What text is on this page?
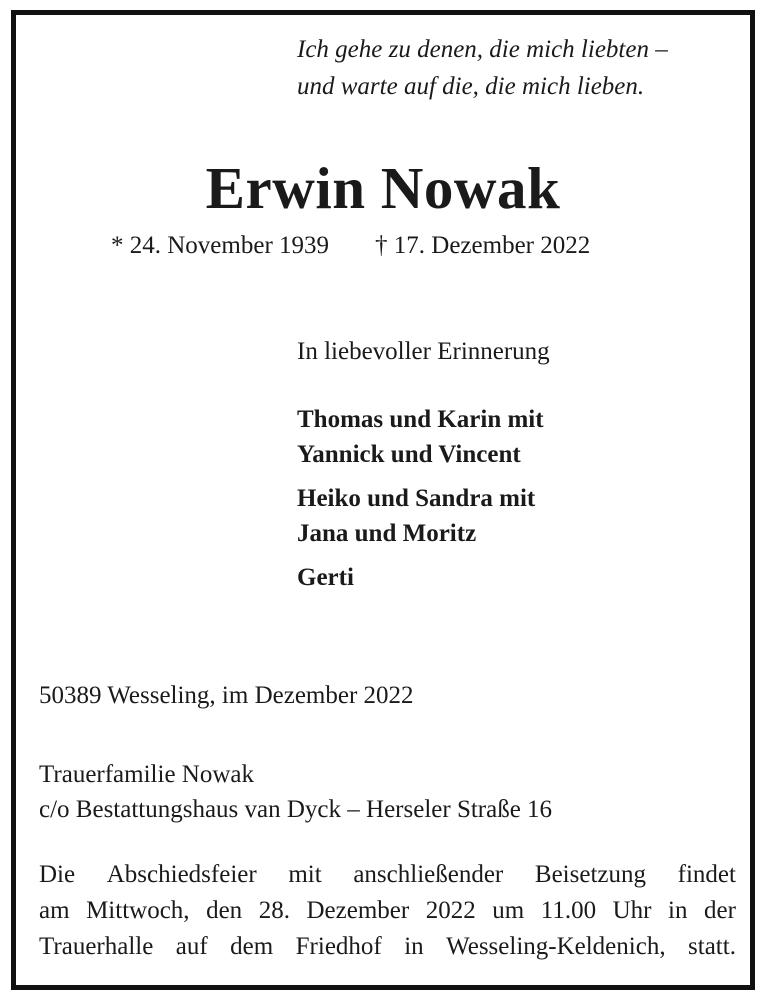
Ich gehe zu denen, die mich liebten –
und warte auf die, die mich lieben.
Erwin Nowak
* 24. November 1939 † 17. Dezember 2022
In liebevoller Erinnerung
Thomas und Karin mit
Yannick und Vincent
Heiko und Sandra mit
Jana und Moritz
Gerti
50389 Wesseling, im Dezember 2022
Trauerfamilie Nowak
c/o Bestattungshaus van Dyck – Herseler Straße 16
Die Abschiedsfeier mit anschließender Beisetzung findet
am Mittwoch, den 28. Dezember 2022 um 11.00 Uhr in der
Trauerhalle auf dem Friedhof in Wesseling-Keldenich, statt.
